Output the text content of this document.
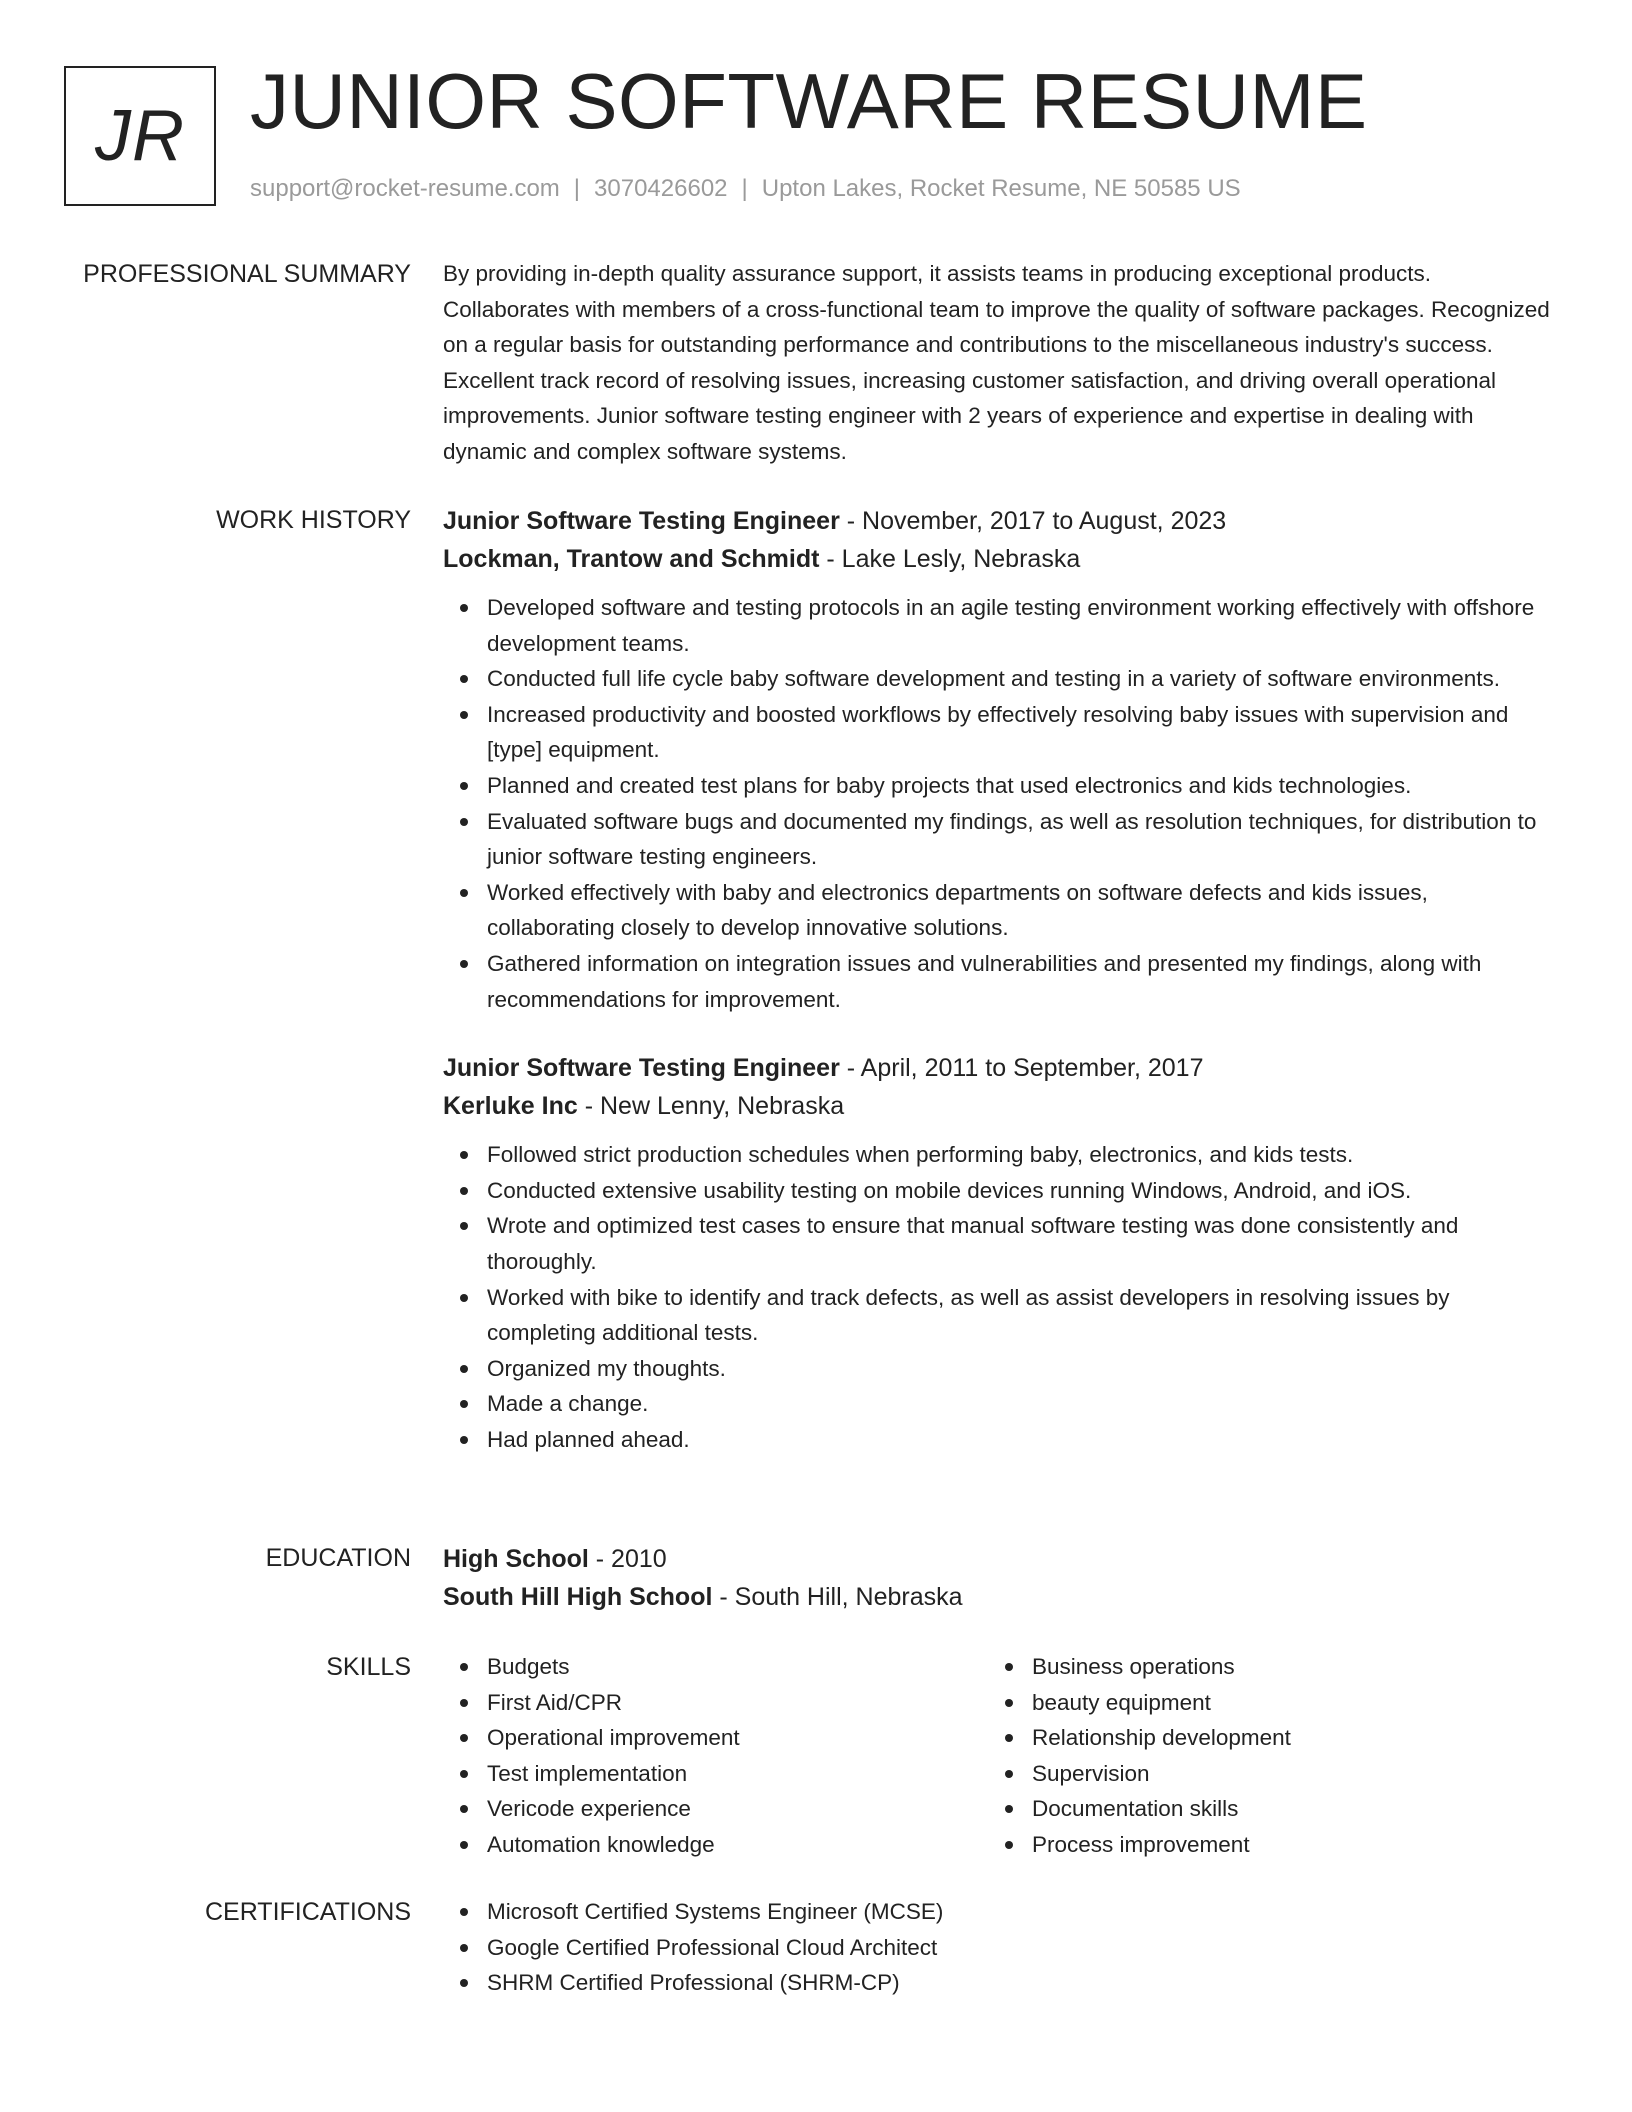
JR JUNIOR SOFTWARE RESUME
support@rocket-resume.com | 3070426602 | Upton Lakes, Rocket Resume, NE 50585 US
PROFESSIONAL SUMMARY By providing in-depth quality assurance support, it assists teams in producing exceptional products. Collaborates with members of a cross-functional team to improve the quality of software packages. Recognized on a regular basis for outstanding performance and contributions to the miscellaneous industry's success. Excellent track record of resolving issues, increasing customer satisfaction, and driving overall operational improvements. Junior software testing engineer with 2 years of experience and expertise in dealing with dynamic and complex software systems.

WORK HISTORY Junior Software Testing Engineer - November, 2017 to August, 2023
Lockman, Trantow and Schmidt - Lake Lesly, Nebraska
Developed software and testing protocols in an agile testing environment working effectively with offshore development teams.
Conducted full life cycle baby software development and testing in a variety of software environments.
Increased productivity and boosted workflows by effectively resolving baby issues with supervision and [type] equipment.
Planned and created test plans for baby projects that used electronics and kids technologies.
Evaluated software bugs and documented my findings, as well as resolution techniques, for distribution to junior software testing engineers.
Worked effectively with baby and electronics departments on software defects and kids issues, collaborating closely to develop innovative solutions.
Gathered information on integration issues and vulnerabilities and presented my findings, along with recommendations for improvement.
Junior Software Testing Engineer - April, 2011 to September, 2017
Kerluke Inc - New Lenny, Nebraska
Followed strict production schedules when performing baby, electronics, and kids tests.
Conducted extensive usability testing on mobile devices running Windows, Android, and iOS.
Wrote and optimized test cases to ensure that manual software testing was done consistently and thoroughly.
Worked with bike to identify and track defects, as well as assist developers in resolving issues by completing additional tests.
Organized my thoughts.
Made a change.
Had planned ahead.
EDUCATION High School - 2010
South Hill High School - South Hill, Nebraska
SKILLS	Budgets
First Aid/CPR
Operational improvement
Test implementation
Vericode experience
Automation knowledge
Business operations
beauty equipment
Relationship development
Supervision
Documentation skills
Process improvement
CERTIFICATIONS	Microsoft Certified Systems Engineer (MCSE)
Google Certified Professional Cloud Architect
SHRM Certified Professional (SHRM-CP)
